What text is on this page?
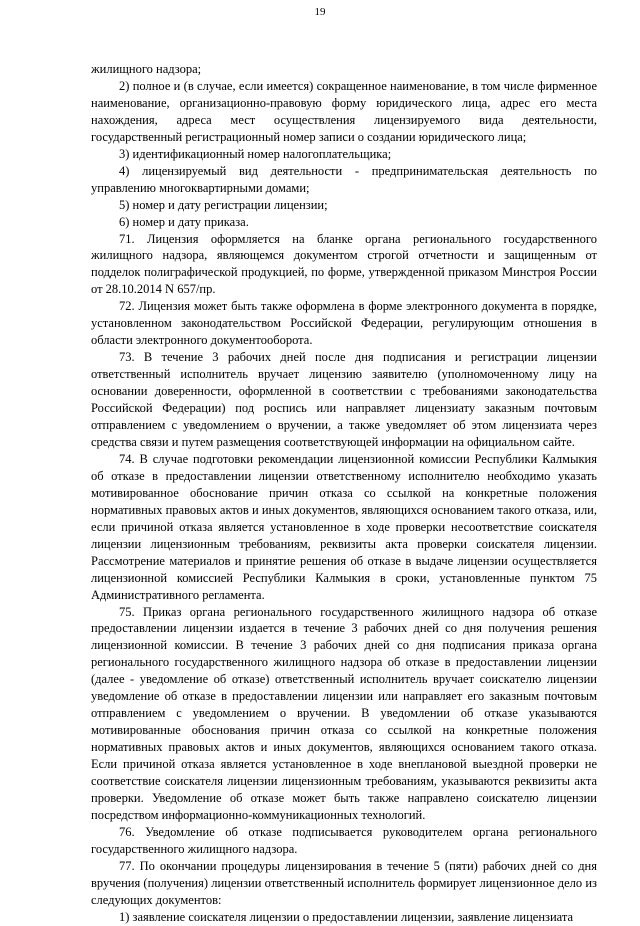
19

жилищного надзора;

2) полное и (в случае, если имеется) сокращенное наименование, в том числе фирменное наименование, организационно-правовую форму юридического лица, адрес его места нахождения, адреса мест осуществления лицензируемого вида деятельности, государственный регистрационный номер записи о создании юридического лица;

3) идентификационный номер налогоплательщика;

4) лицензируемый вид деятельности - предпринимательская деятельность по управлению многоквартирными домами;

5) номер и дату регистрации лицензии;

6) номер и дату приказа.

71. Лицензия оформляется на бланке органа регионального государственного жилищного надзора, являющемся документом строгой отчетности и защищенным от подделок полиграфической продукцией, по форме, утвержденной приказом Минстроя России от 28.10.2014 N 657/пр.

72. Лицензия может быть также оформлена в форме электронного документа в порядке, установленном законодательством Российской Федерации, регулирующим отношения в области электронного документооборота.

73. В течение 3 рабочих дней после дня подписания и регистрации лицензии ответственный исполнитель вручает лицензию заявителю (уполномоченному лицу на основании доверенности, оформленной в соответствии с требованиями законодательства Российской Федерации) под роспись или направляет лицензиату заказным почтовым отправлением с уведомлением о вручении, а также уведомляет об этом лицензиата через средства связи и путем размещения соответствующей информации на официальном сайте.

74. В случае подготовки рекомендации лицензионной комиссии Республики Калмыкия об отказе в предоставлении лицензии ответственному исполнителю необходимо указать мотивированное обоснование причин отказа со ссылкой на конкретные положения нормативных правовых актов и иных документов, являющихся основанием такого отказа, или, если причиной отказа является установленное в ходе проверки несоответствие соискателя лицензии лицензионным требованиям, реквизиты акта проверки соискателя лицензии. Рассмотрение материалов и принятие решения об отказе в выдаче лицензии осуществляется лицензионной комиссией Республики Калмыкия в сроки, установленные пунктом 75 Административного регламента.

75. Приказ органа регионального государственного жилищного надзора об отказе предоставлении лицензии издается в течение 3 рабочих дней со дня получения решения лицензионной комиссии. В течение 3 рабочих дней со дня подписания приказа органа регионального государственного жилищного надзора об отказе в предоставлении лицензии (далее - уведомление об отказе) ответственный исполнитель вручает соискателю лицензии уведомление об отказе в предоставлении лицензии или направляет его заказным почтовым отправлением с уведомлением о вручении. В уведомлении об отказе указываются мотивированные обоснования причин отказа со ссылкой на конкретные положения нормативных правовых актов и иных документов, являющихся основанием такого отказа. Если причиной отказа является установленное в ходе внеплановой выездной проверки не соответствие соискателя лицензии лицензионным требованиям, указываются реквизиты акта проверки. Уведомление об отказе может быть также направлено соискателю лицензии посредством информационно-коммуникационных технологий.

76. Уведомление об отказе подписывается руководителем органа регионального государственного жилищного надзора.

77. По окончании процедуры лицензирования в течение 5 (пяти) рабочих дней со дня вручения (получения) лицензии ответственный исполнитель формирует лицензионное дело из следующих документов:

1) заявление соискателя лицензии о предоставлении лицензии, заявление лицензиата
